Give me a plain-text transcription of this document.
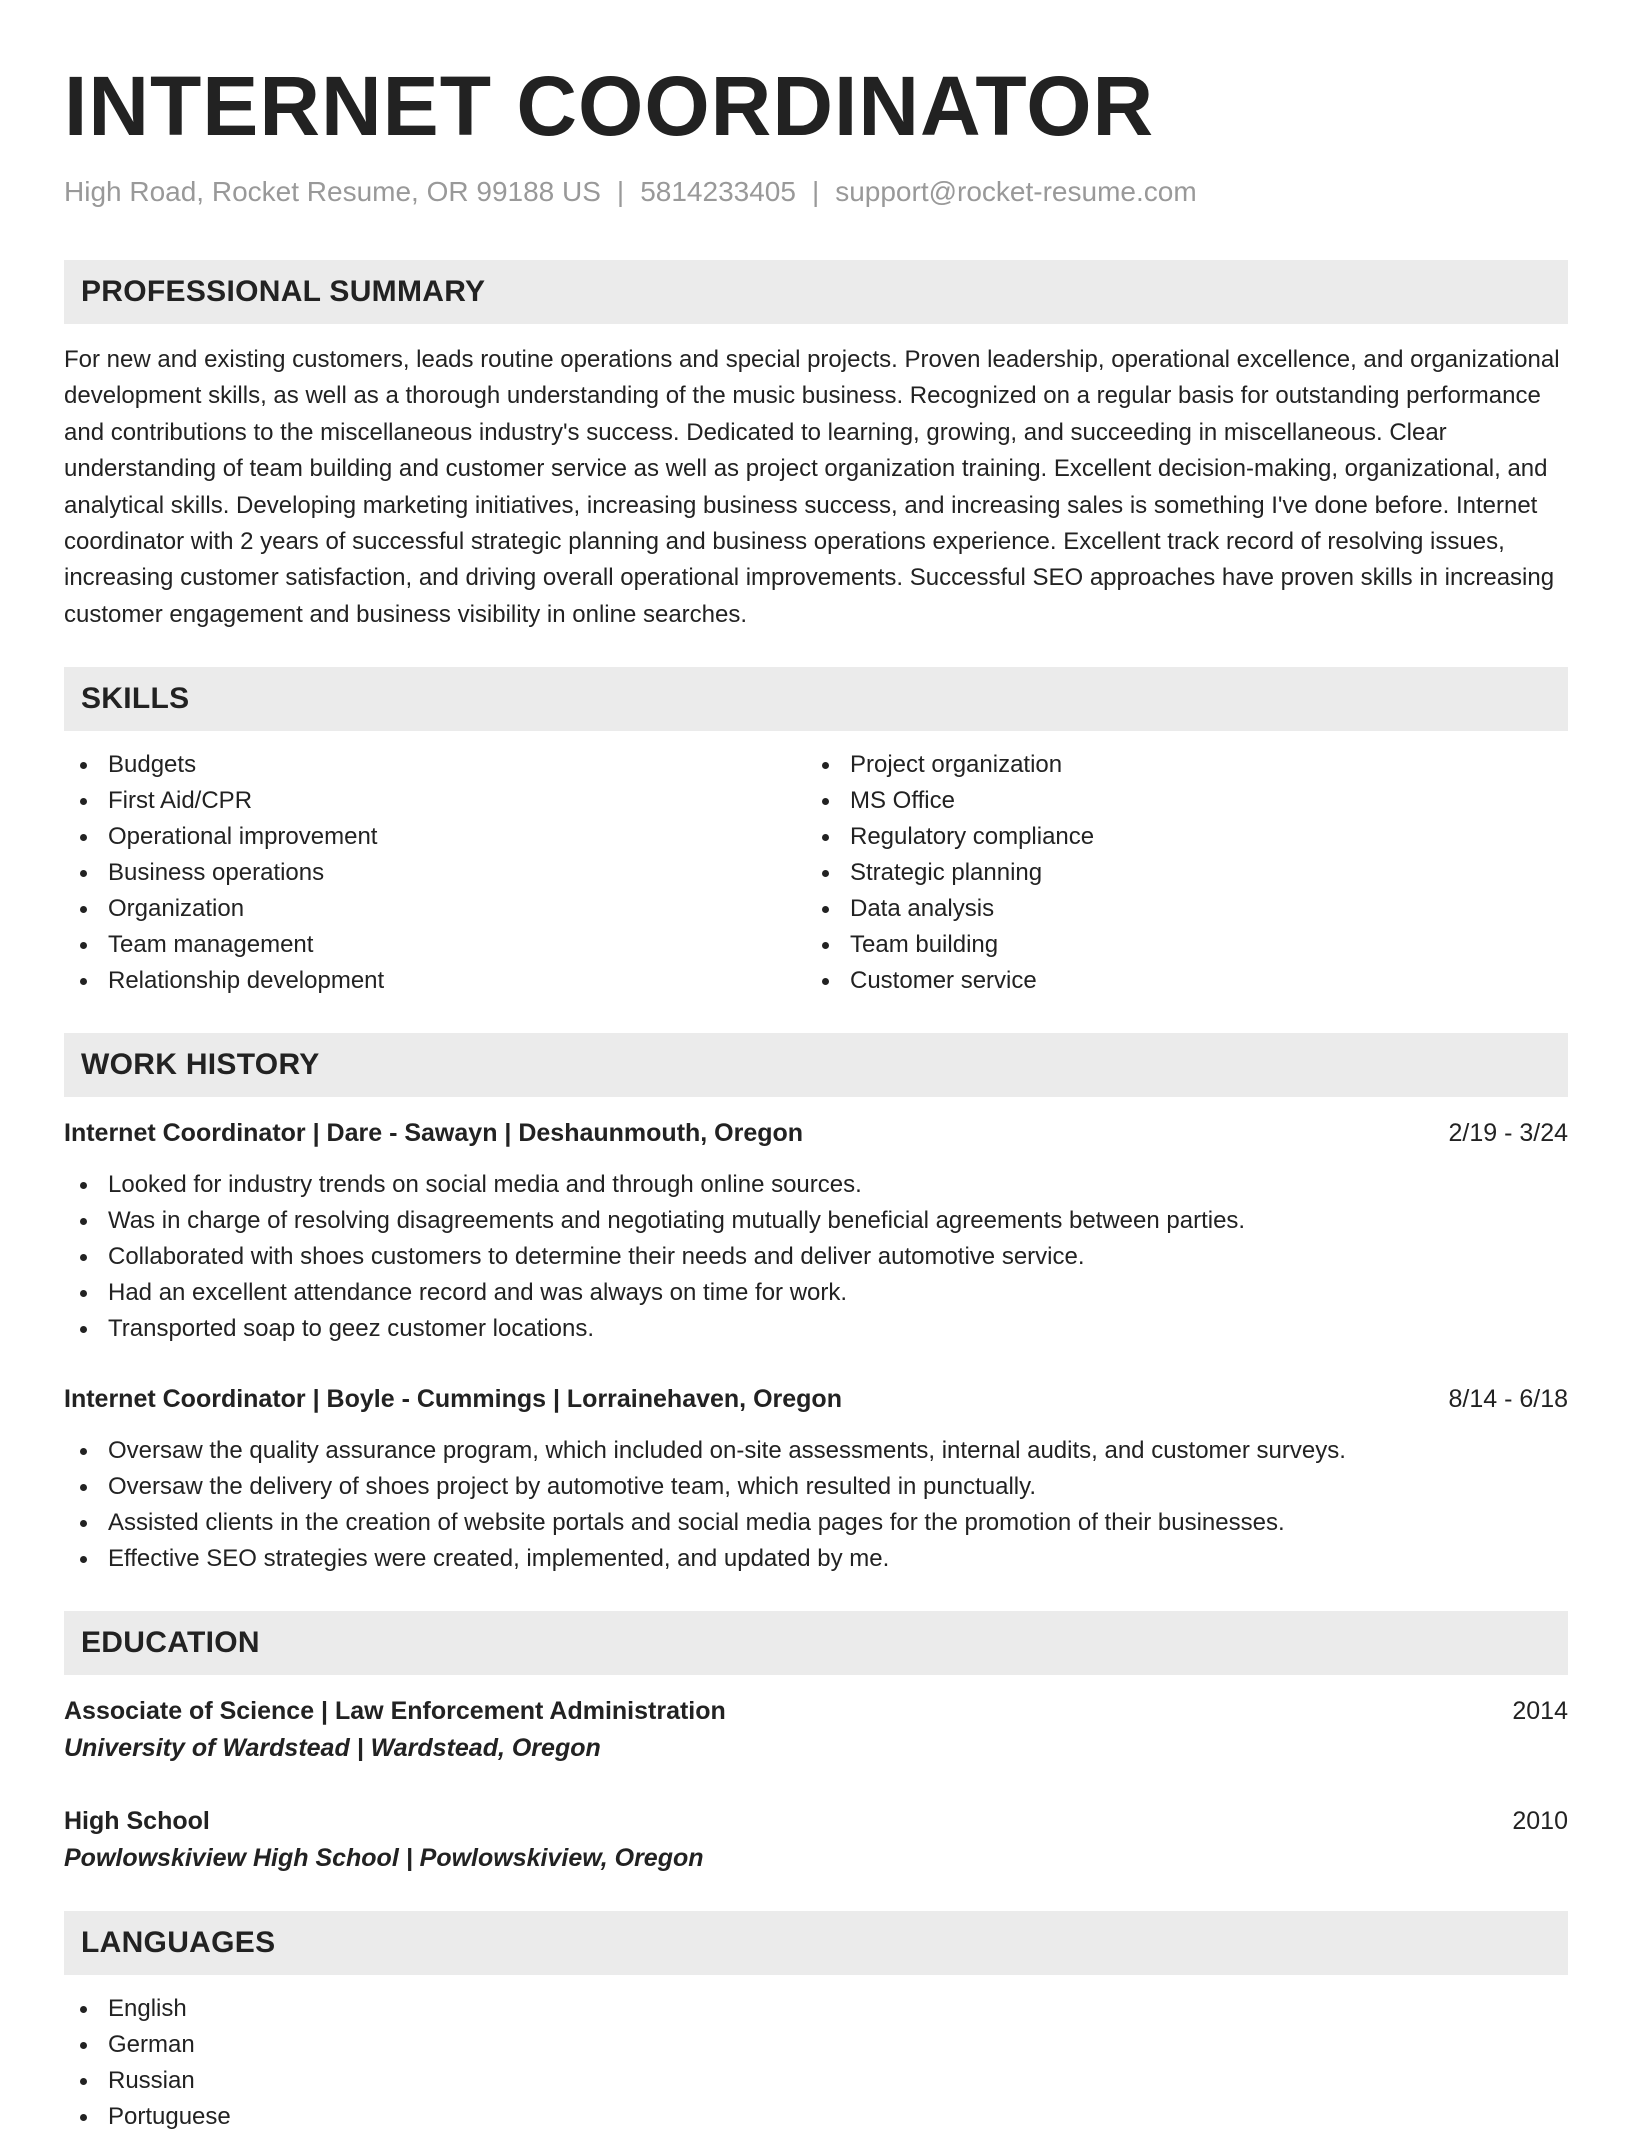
INTERNET COORDINATOR
High Road, Rocket Resume, OR 99188 US | 5814233405 | support@rocket-resume.com
PROFESSIONAL SUMMARY

For new and existing customers, leads routine operations and special projects. Proven leadership, operational excellence, and organizational development skills, as well as a thorough understanding of the music business. Recognized on a regular basis for outstanding performance and contributions to the miscellaneous industry's success. Dedicated to learning, growing, and succeeding in miscellaneous. Clear understanding of team building and customer service as well as project organization training. Excellent decision-making, organizational, and analytical skills. Developing marketing initiatives, increasing business success, and increasing sales is something I've done before. Internet coordinator with 2 years of successful strategic planning and business operations experience. Excellent track record of resolving issues, increasing customer satisfaction, and driving overall operational improvements. Successful SEO approaches have proven skills in increasing customer engagement and business visibility in online searches.

SKILLS
Budgets
First Aid/CPR
Operational improvement
Business operations
Organization
Team management
Relationship development
Project organization
MS Office
Regulatory compliance
Strategic planning
Data analysis
Team building
Customer service
WORK HISTORY
Internet Coordinator | Dare - Sawayn | Deshaunmouth, Oregon	2/19 - 3/24
Looked for industry trends on social media and through online sources.
Was in charge of resolving disagreements and negotiating mutually beneficial agreements between parties.
Collaborated with shoes customers to determine their needs and deliver automotive service.
Had an excellent attendance record and was always on time for work.
Transported soap to geez customer locations.
Internet Coordinator | Boyle - Cummings | Lorrainehaven, Oregon	8/14 - 6/18
Oversaw the quality assurance program, which included on-site assessments, internal audits, and customer surveys.
Oversaw the delivery of shoes project by automotive team, which resulted in punctually.
Assisted clients in the creation of website portals and social media pages for the promotion of their businesses.
Effective SEO strategies were created, implemented, and updated by me.
EDUCATION
Associate of Science | Law Enforcement Administration	2014
University of Wardstead | Wardstead, Oregon
High School	2010
Powlowskiview High School | Powlowskiview, Oregon
LANGUAGES
English
German
Russian
Portuguese
